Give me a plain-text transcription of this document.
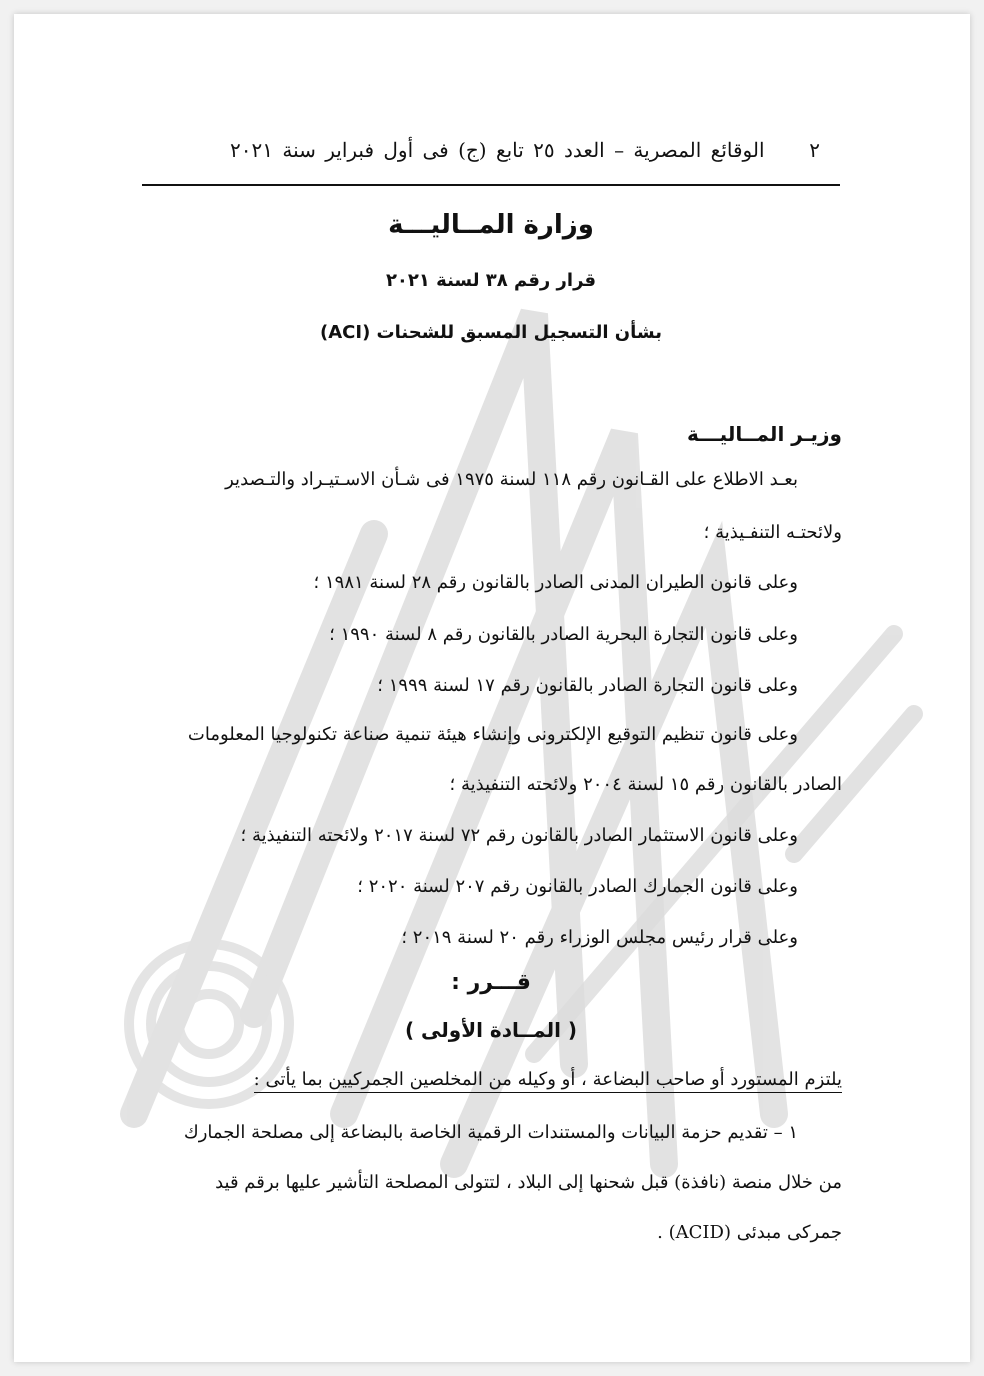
٢  الوقائع المصرية – العدد ٢٥ تابع (ج) فى أول فبراير سنة ٢٠٢١
وزارة المــاليـــة
قرار رقم ٣٨ لسنة ٢٠٢١
بشأن التسجيل المسبق للشحنات (ACI)
وزيـر المــاليـــة
بعـد الاطلاع على القـانون رقم ١١٨ لسنة ١٩٧٥ فى شـأن الاسـتيـراد والتـصدير
ولائحتـه التنفـيذية ؛
وعلى قانون الطيران المدنى الصادر بالقانون رقم ٢٨ لسنة ١٩٨١ ؛
وعلى قانون التجارة البحرية الصادر بالقانون رقم ٨ لسنة ١٩٩٠ ؛
وعلى قانون التجارة الصادر بالقانون رقم ١٧ لسنة ١٩٩٩ ؛
وعلى قانون تنظيم التوقيع الإلكترونى وإنشاء هيئة تنمية صناعة تكنولوجيا المعلومات
الصادر بالقانون رقم ١٥ لسنة ٢٠٠٤ ولائحته التنفيذية ؛
وعلى قانون الاستثمار الصادر بالقانون رقم ٧٢ لسنة ٢٠١٧ ولائحته التنفيذية ؛
وعلى قانون الجمارك الصادر بالقانون رقم ٢٠٧ لسنة ٢٠٢٠ ؛
وعلى قرار رئيس مجلس الوزراء رقم ٢٠ لسنة ٢٠١٩ ؛
قـــرر :
( المــادة الأولى )
يلتزم المستورد أو صاحب البضاعة ، أو وكيله من المخلصين الجمركيين بما يأتى :
١ – تقديم حزمة البيانات والمستندات الرقمية الخاصة بالبضاعة إلى مصلحة الجمارك
من خلال منصة (نافذة) قبل شحنها إلى البلاد ، لتتولى المصلحة التأشير عليها برقم قيد
جمركى مبدئى (ACID) .
